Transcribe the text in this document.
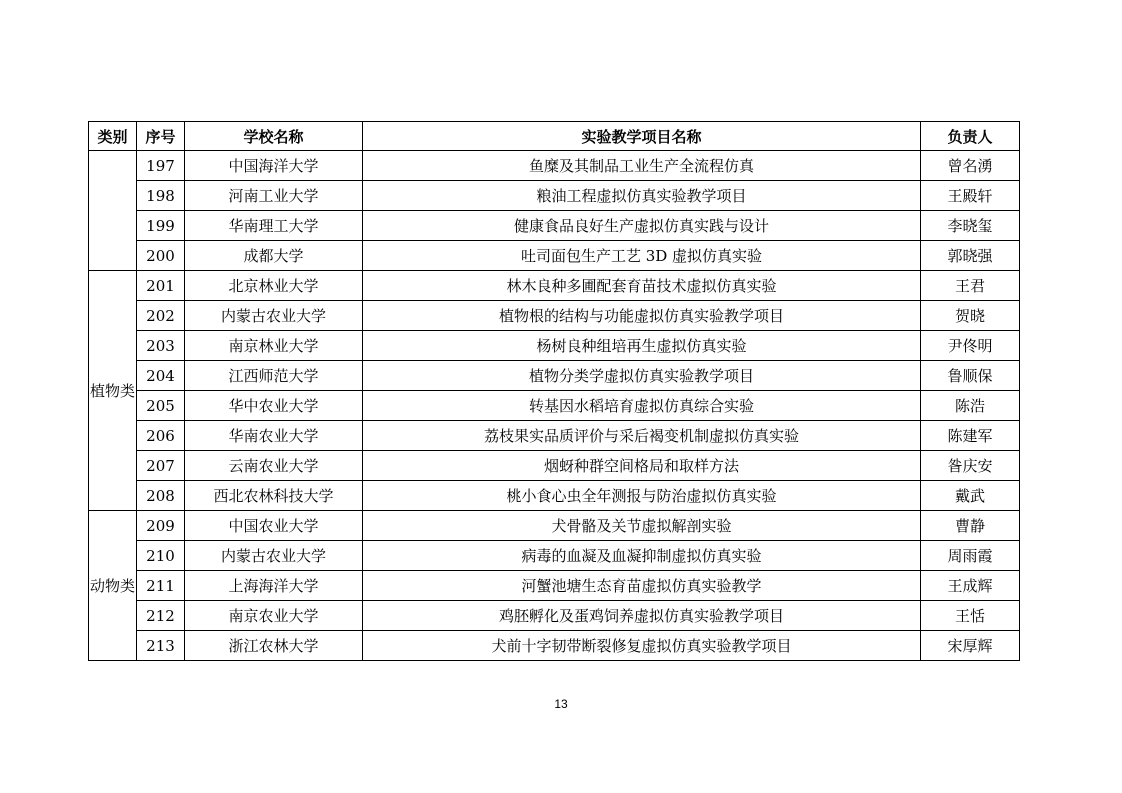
类别	序号	学校名称	实验教学项目名称	负责人
	197	中国海洋大学	鱼糜及其制品工业生产全流程仿真	曾名湧
	198	河南工业大学	粮油工程虚拟仿真实验教学项目	王殿轩
	199	华南理工大学	健康食品良好生产虚拟仿真实践与设计	李晓玺
	200	成都大学	吐司面包生产工艺 3D 虚拟仿真实验	郭晓强
植物类	201	北京林业大学	林木良种多圃配套育苗技术虚拟仿真实验	王君
	202	内蒙古农业大学	植物根的结构与功能虚拟仿真实验教学项目	贺晓
	203	南京林业大学	杨树良种组培再生虚拟仿真实验	尹佟明
	204	江西师范大学	植物分类学虚拟仿真实验教学项目	鲁顺保
	205	华中农业大学	转基因水稻培育虚拟仿真综合实验	陈浩
	206	华南农业大学	荔枝果实品质评价与采后褐变机制虚拟仿真实验	陈建军
	207	云南农业大学	烟蚜种群空间格局和取样方法	昝庆安
	208	西北农林科技大学	桃小食心虫全年测报与防治虚拟仿真实验	戴武
动物类	209	中国农业大学	犬骨骼及关节虚拟解剖实验	曹静
	210	内蒙古农业大学	病毒的血凝及血凝抑制虚拟仿真实验	周雨霞
	211	上海海洋大学	河蟹池塘生态育苗虚拟仿真实验教学	王成辉
	212	南京农业大学	鸡胚孵化及蛋鸡饲养虚拟仿真实验教学项目	王恬
	213	浙江农林大学	犬前十字韧带断裂修复虚拟仿真实验教学项目	宋厚辉
13
